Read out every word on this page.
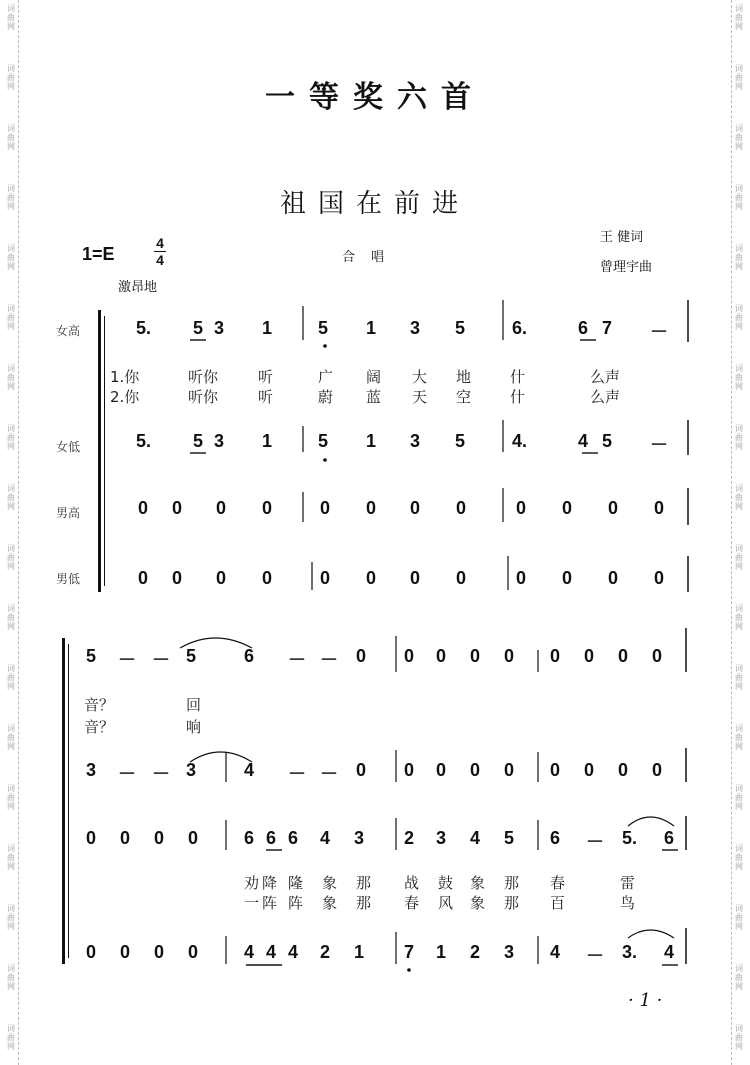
词曲网
词曲网
词曲网
词曲网
词曲网
词曲网
词曲网
词曲网
词曲网
词曲网
词曲网
词曲网
词曲网
词曲网
词曲网
词曲网
词曲网
词曲网
词曲网
词曲网
词曲网
词曲网
词曲网
词曲网
词曲网
词曲网
词曲网
词曲网
词曲网
词曲网
词曲网
词曲网
词曲网
词曲网
词曲网
词曲网
一等奖六首
祖国在前进
1=E
4
4
激昂地
合 唱
王 健词
曾理宇曲
女高
女低
男高
男低
5. 5 3 1	5 1 3 5	6.	6 7 －
5. 5 3 1	5 1 3 5	4.	4 5 －
0 0 0 0	0 0 0 0	0 0 0 0
0 0 0 0	0 0 0 0	0 0 0 0
1.你	听你	听	广 阔 大 地	什	么声
2.你	听你	听	蔚 蓝 天 空	什	么声
5 － － 5	6 － － 0 0 0 0 0 0 0 0 0
3 － － 3	4 － － 0 0 0 0 0 0 0 0 0
0 0 0 0	6 6 6 4 3 2 3 4 5 6 － 5. 6
0 0 0 0	4 4 4 2 1 7 1 2 3 4 － 3. 4
音？	回
音？	响
劝 降 隆 象 那 战 鼓 象 那 春	雷
一 阵 阵 象 那 春 风 象 那 百	鸟
· 1 ·
